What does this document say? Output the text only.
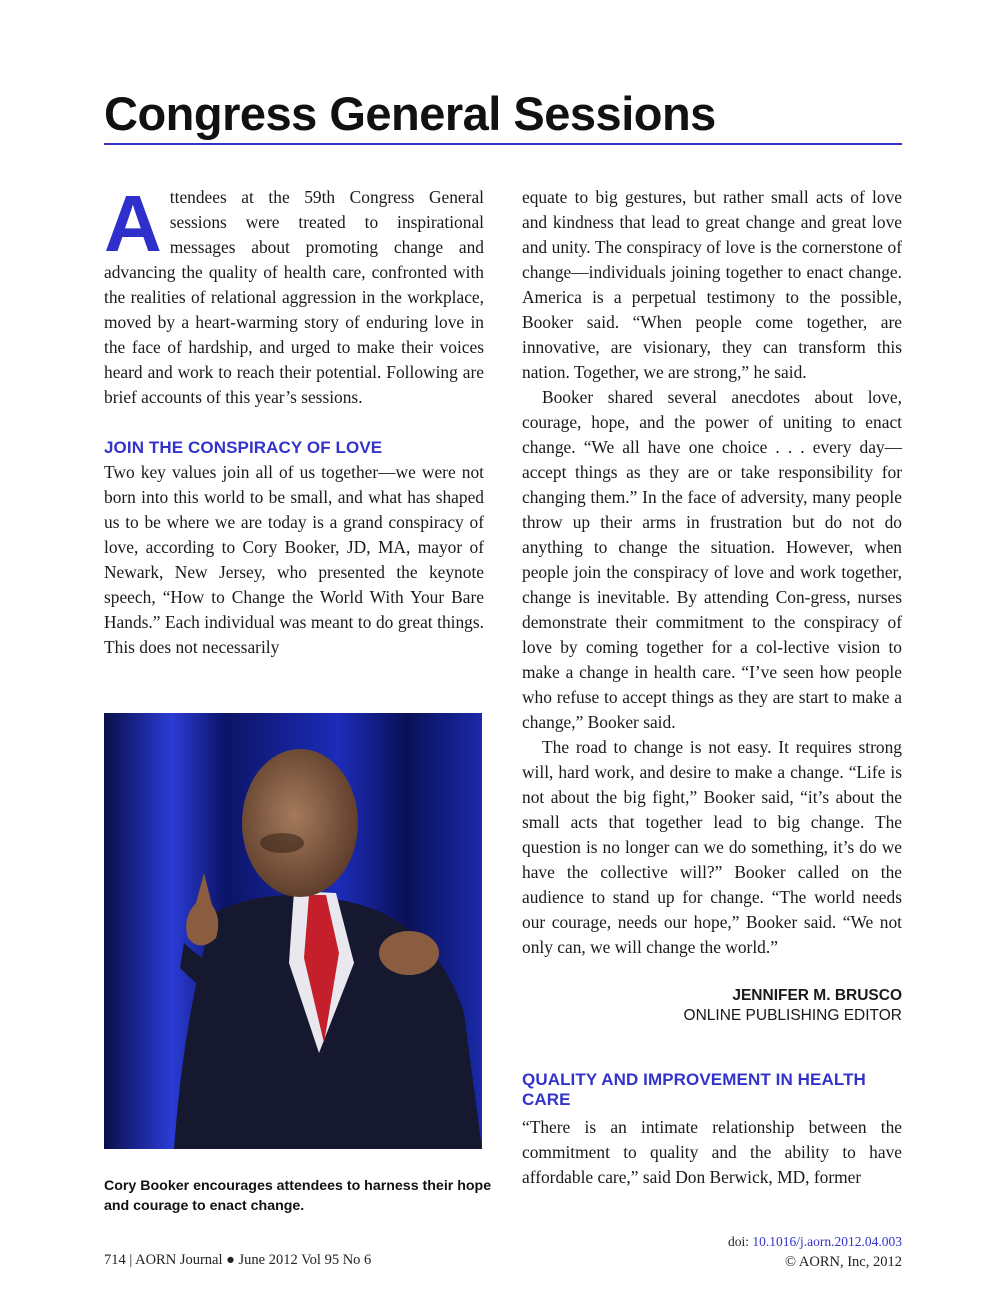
Congress General Sessions

Attendees at the 59th Congress General sessions were treated to inspirational messages about promoting change and advancing the quality of health care, confronted with the realities of relational aggression in the workplace, moved by a heart-warming story of enduring love in the face of hardship, and urged to make their voices heard and work to reach their potential. Following are brief accounts of this year’s sessions.

JOIN THE CONSPIRACY OF LOVE

Two key values join all of us together—we were not born into this world to be small, and what has shaped us to be where we are today is a grand conspiracy of love, according to Cory Booker, JD, MA, mayor of Newark, New Jersey, who presented the keynote speech, “How to Change the World With Your Bare Hands.” Each individual was meant to do great things. This does not necessarily

Cory Booker encourages attendees to harness their hope and courage to enact change.

equate to big gestures, but rather small acts of love and kindness that lead to great change and great love and unity. The conspiracy of love is the cornerstone of change—individuals joining together to enact change. America is a perpetual testimony to the possible, Booker said. “When people come together, are innovative, are visionary, they can transform this nation. Together, we are strong,” he said.

Booker shared several anecdotes about love, courage, hope, and the power of uniting to enact change. “We all have one choice . . . every day—accept things as they are or take responsibility for changing them.” In the face of adversity, many people throw up their arms in frustration but do not do anything to change the situation. However, when people join the conspiracy of love and work together, change is inevitable. By attending Con-gress, nurses demonstrate their commitment to the conspiracy of love by coming together for a col-lective vision to make a change in health care. “I’ve seen how people who refuse to accept things as they are start to make a change,” Booker said.

The road to change is not easy. It requires strong will, hard work, and desire to make a change. “Life is not about the big fight,” Booker said, “it’s about the small acts that together lead to big change. The question is no longer can we do something, it’s do we have the collective will?” Booker called on the audience to stand up for change. “The world needs our courage, needs our hope,” Booker said. “We not only can, we will change the world.”

JENNIFER M. BRUSCO
ONLINE PUBLISHING EDITOR
QUALITY AND IMPROVEMENT IN HEALTH CARE

“There is an intimate relationship between the commitment to quality and the ability to have affordable care,” said Don Berwick, MD, former

714 | AORN Journal ● June 2012 Vol 95 No 6
doi: 10.1016/j.aorn.2012.04.003
© AORN, Inc, 2012
